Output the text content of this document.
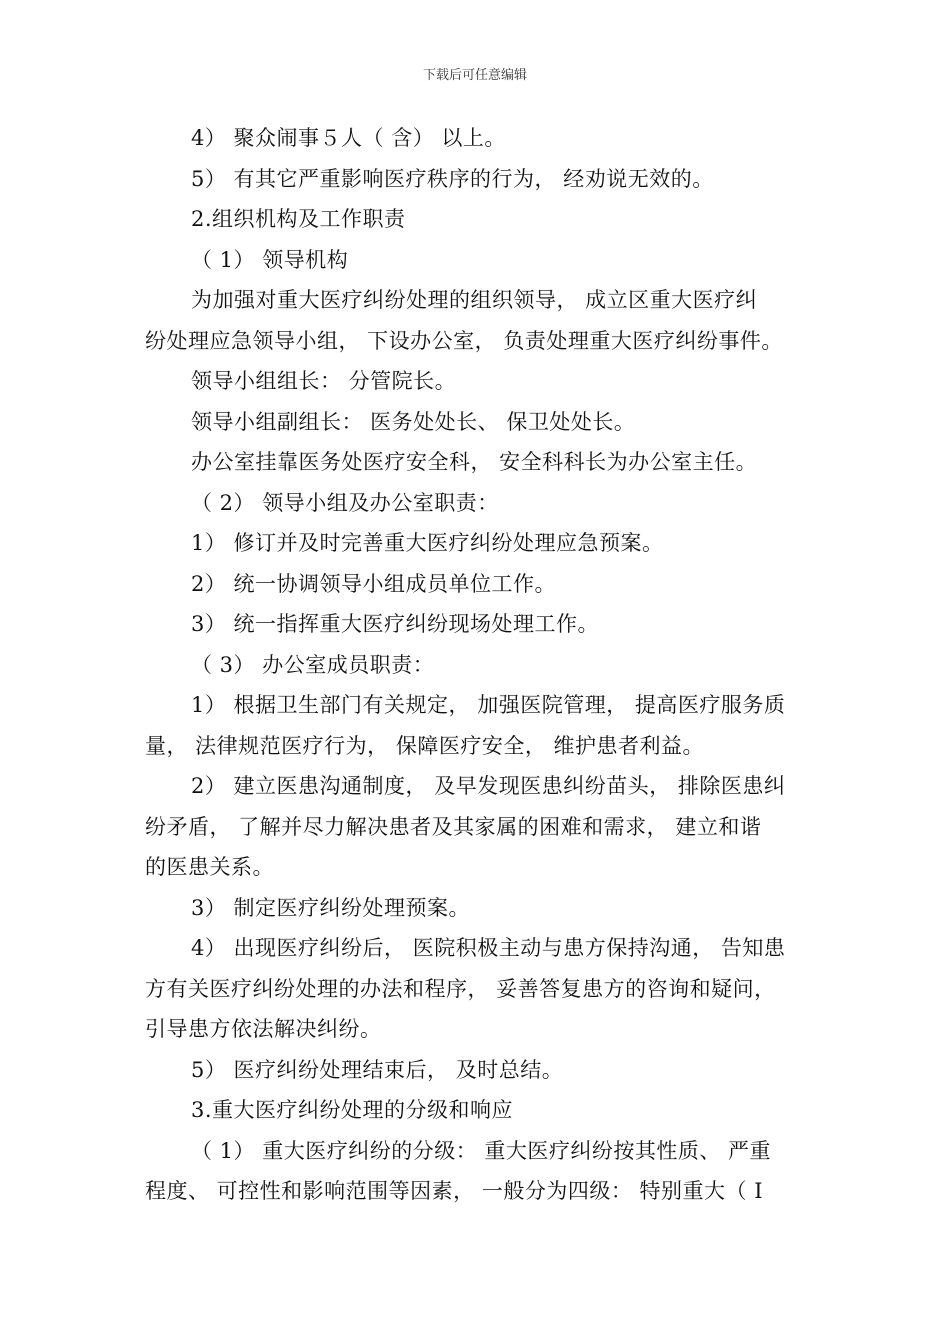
下载后可任意编辑
4） 聚众闹事５人（ 含） 以上。
5） 有其它严重影响医疗秩序的行为， 经劝说无效的。
2.组织机构及工作职责
（ 1） 领导机构
为加强对重大医疗纠纷处理的组织领导， 成立区重大医疗纠
纷处理应急领导小组， 下设办公室， 负责处理重大医疗纠纷事件。
领导小组组长： 分管院长。
领导小组副组长： 医务处处长、 保卫处处长。
办公室挂靠医务处医疗安全科， 安全科科长为办公室主任。
（ 2） 领导小组及办公室职责：
1） 修订并及时完善重大医疗纠纷处理应急预案。
2） 统一协调领导小组成员单位工作。
3） 统一指挥重大医疗纠纷现场处理工作。
（ 3） 办公室成员职责：
1） 根据卫生部门有关规定， 加强医院管理， 提高医疗服务质
量， 法律规范医疗行为， 保障医疗安全， 维护患者利益。
2） 建立医患沟通制度， 及早发现医患纠纷苗头， 排除医患纠
纷矛盾， 了解并尽力解决患者及其家属的困难和需求， 建立和谐
的医患关系。
3） 制定医疗纠纷处理预案。
4） 出现医疗纠纷后， 医院积极主动与患方保持沟通， 告知患
方有关医疗纠纷处理的办法和程序， 妥善答复患方的咨询和疑问，
引导患方依法解决纠纷。
5） 医疗纠纷处理结束后， 及时总结。
3.重大医疗纠纷处理的分级和响应
（ 1） 重大医疗纠纷的分级： 重大医疗纠纷按其性质、 严重
程度、 可控性和影响范围等因素， 一般分为四级： 特别重大（ Ⅰ
